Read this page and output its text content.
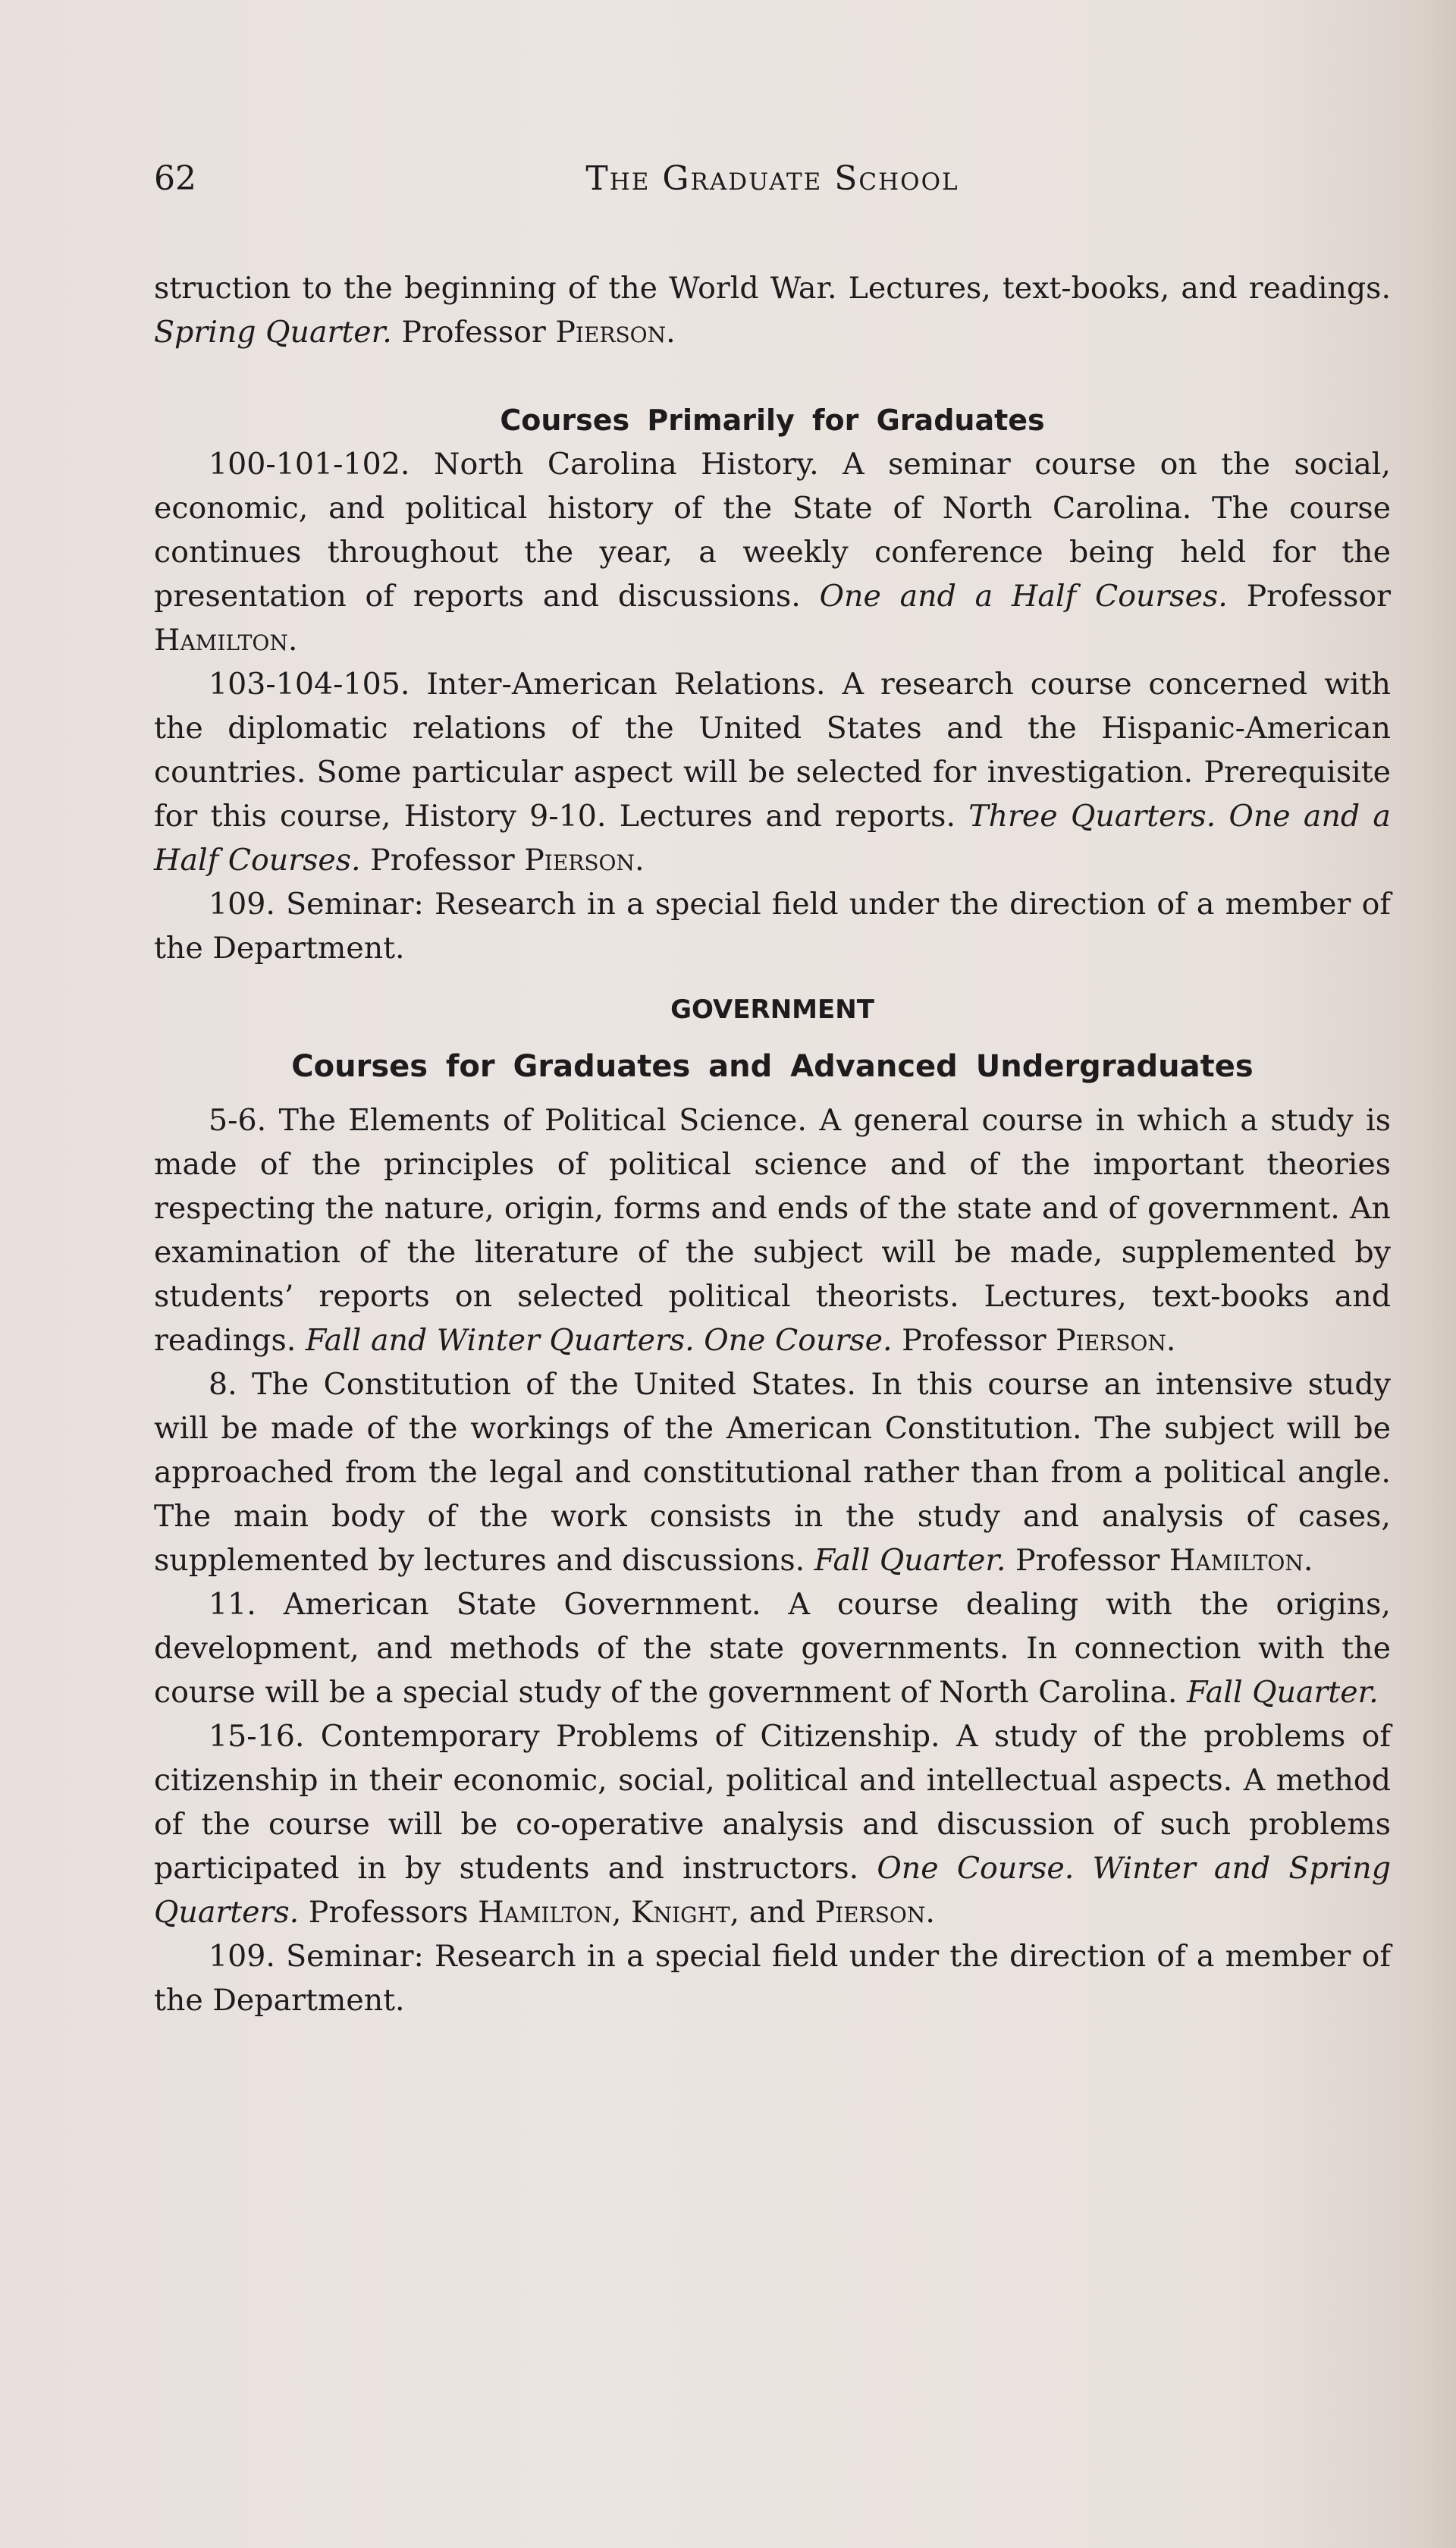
62	The Graduate School

struction to the beginning of the World War. Lectures, text-books, and readings. Spring Quarter. Professor Pierson.

Courses Primarily for Graduates

100-101-102. North Carolina History. A seminar course on the social, economic, and political history of the State of North Carolina. The course continues throughout the year, a weekly conference being held for the presentation of reports and discussions. One and a Half Courses. Professor Hamilton.

103-104-105. Inter-American Relations. A research course concerned with the diplomatic relations of the United States and the Hispanic-American countries. Some particular aspect will be selected for investigation. Prerequisite for this course, History 9-10. Lectures and reports. Three Quarters. One and a Half Courses. Professor Pierson.

109. Seminar: Research in a special field under the direction of a member of the Department.

GOVERNMENT

Courses for Graduates and Advanced Undergraduates

5-6. The Elements of Political Science. A general course in which a study is made of the principles of political science and of the important theories respecting the nature, origin, forms and ends of the state and of government. An examination of the literature of the subject will be made, supplemented by students’ reports on selected political theorists. Lectures, text-books and readings. Fall and Winter Quarters. One Course. Professor Pierson.

8. The Constitution of the United States. In this course an intensive study will be made of the workings of the American Constitution. The subject will be approached from the legal and constitutional rather than from a political angle. The main body of the work consists in the study and analysis of cases, supplemented by lectures and discussions. Fall Quarter. Professor Hamilton.

11. American State Government. A course dealing with the origins, development, and methods of the state governments. In connection with the course will be a special study of the government of North Carolina. Fall Quarter.

15-16. Contemporary Problems of Citizenship. A study of the problems of citizenship in their economic, social, political and intellectual aspects. A method of the course will be co-operative analysis and discussion of such problems participated in by students and instructors. One Course. Winter and Spring Quarters. Professors Hamilton, Knight, and Pierson.

109. Seminar: Research in a special field under the direction of a member of the Department.
